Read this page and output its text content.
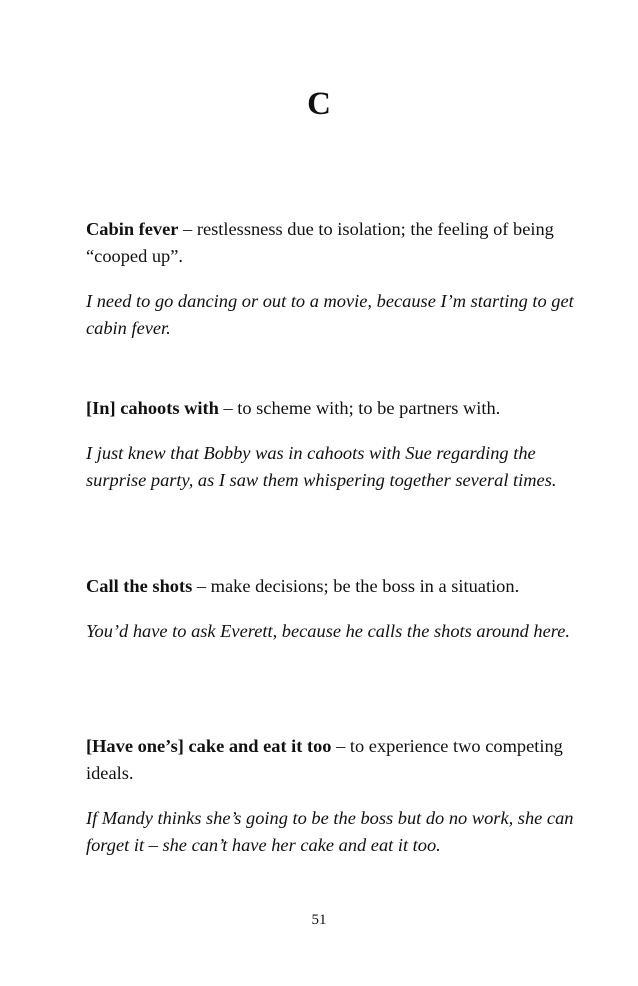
C

Cabin fever – restlessness due to isolation; the feeling of being “cooped up”.

I need to go dancing or out to a movie, because I’m starting to get cabin fever.

[In] cahoots with – to scheme with; to be partners with.

I just knew that Bobby was in cahoots with Sue regarding the surprise party, as I saw them whispering together several times.

Call the shots – make decisions; be the boss in a situation.

You’d have to ask Everett, because he calls the shots around here.

[Have one’s] cake and eat it too – to experience two competing ideals.

If Mandy thinks she’s going to be the boss but do no work, she can forget it – she can’t have her cake and eat it too.

51
